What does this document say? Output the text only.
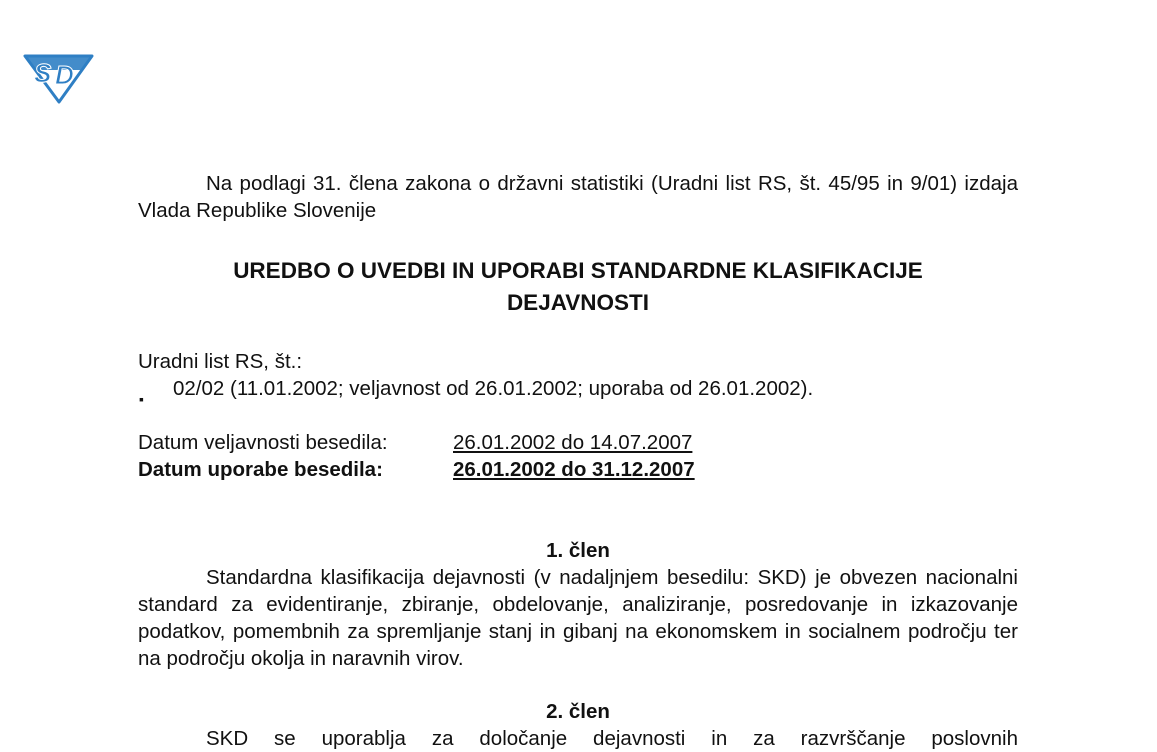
S D

Na podlagi 31. člena zakona o državni statistiki (Uradni list RS, št. 45/95 in 9/01) izdaja Vlada Republike Slovenije

UREDBO O UVEDBI IN UPORABI STANDARDNE KLASIFIKACIJE
DEJAVNOSTI
Uradni list RS, št.:
▪ 02/02 (11.01.2002; veljavnost od 26.01.2002; uporaba od 26.01.2002).
Datum veljavnosti besedila:	26.01.2002 do 14.07.2007
Datum uporabe besedila:	26.01.2002 do 31.12.2007
1. člen

Standardna klasifikacija dejavnosti (v nadaljnjem besedilu: SKD) je obvezen nacionalni standard za evidentiranje, zbiranje, obdelovanje, analiziranje, posredovanje in izkazovanje podatkov, pomembnih za spremljanje stanj in gibanj na ekonomskem in socialnem področju ter na področju okolja in naravnih virov.

2. člen

SKD se uporablja za določanje dejavnosti in za razvrščanje poslovnih
